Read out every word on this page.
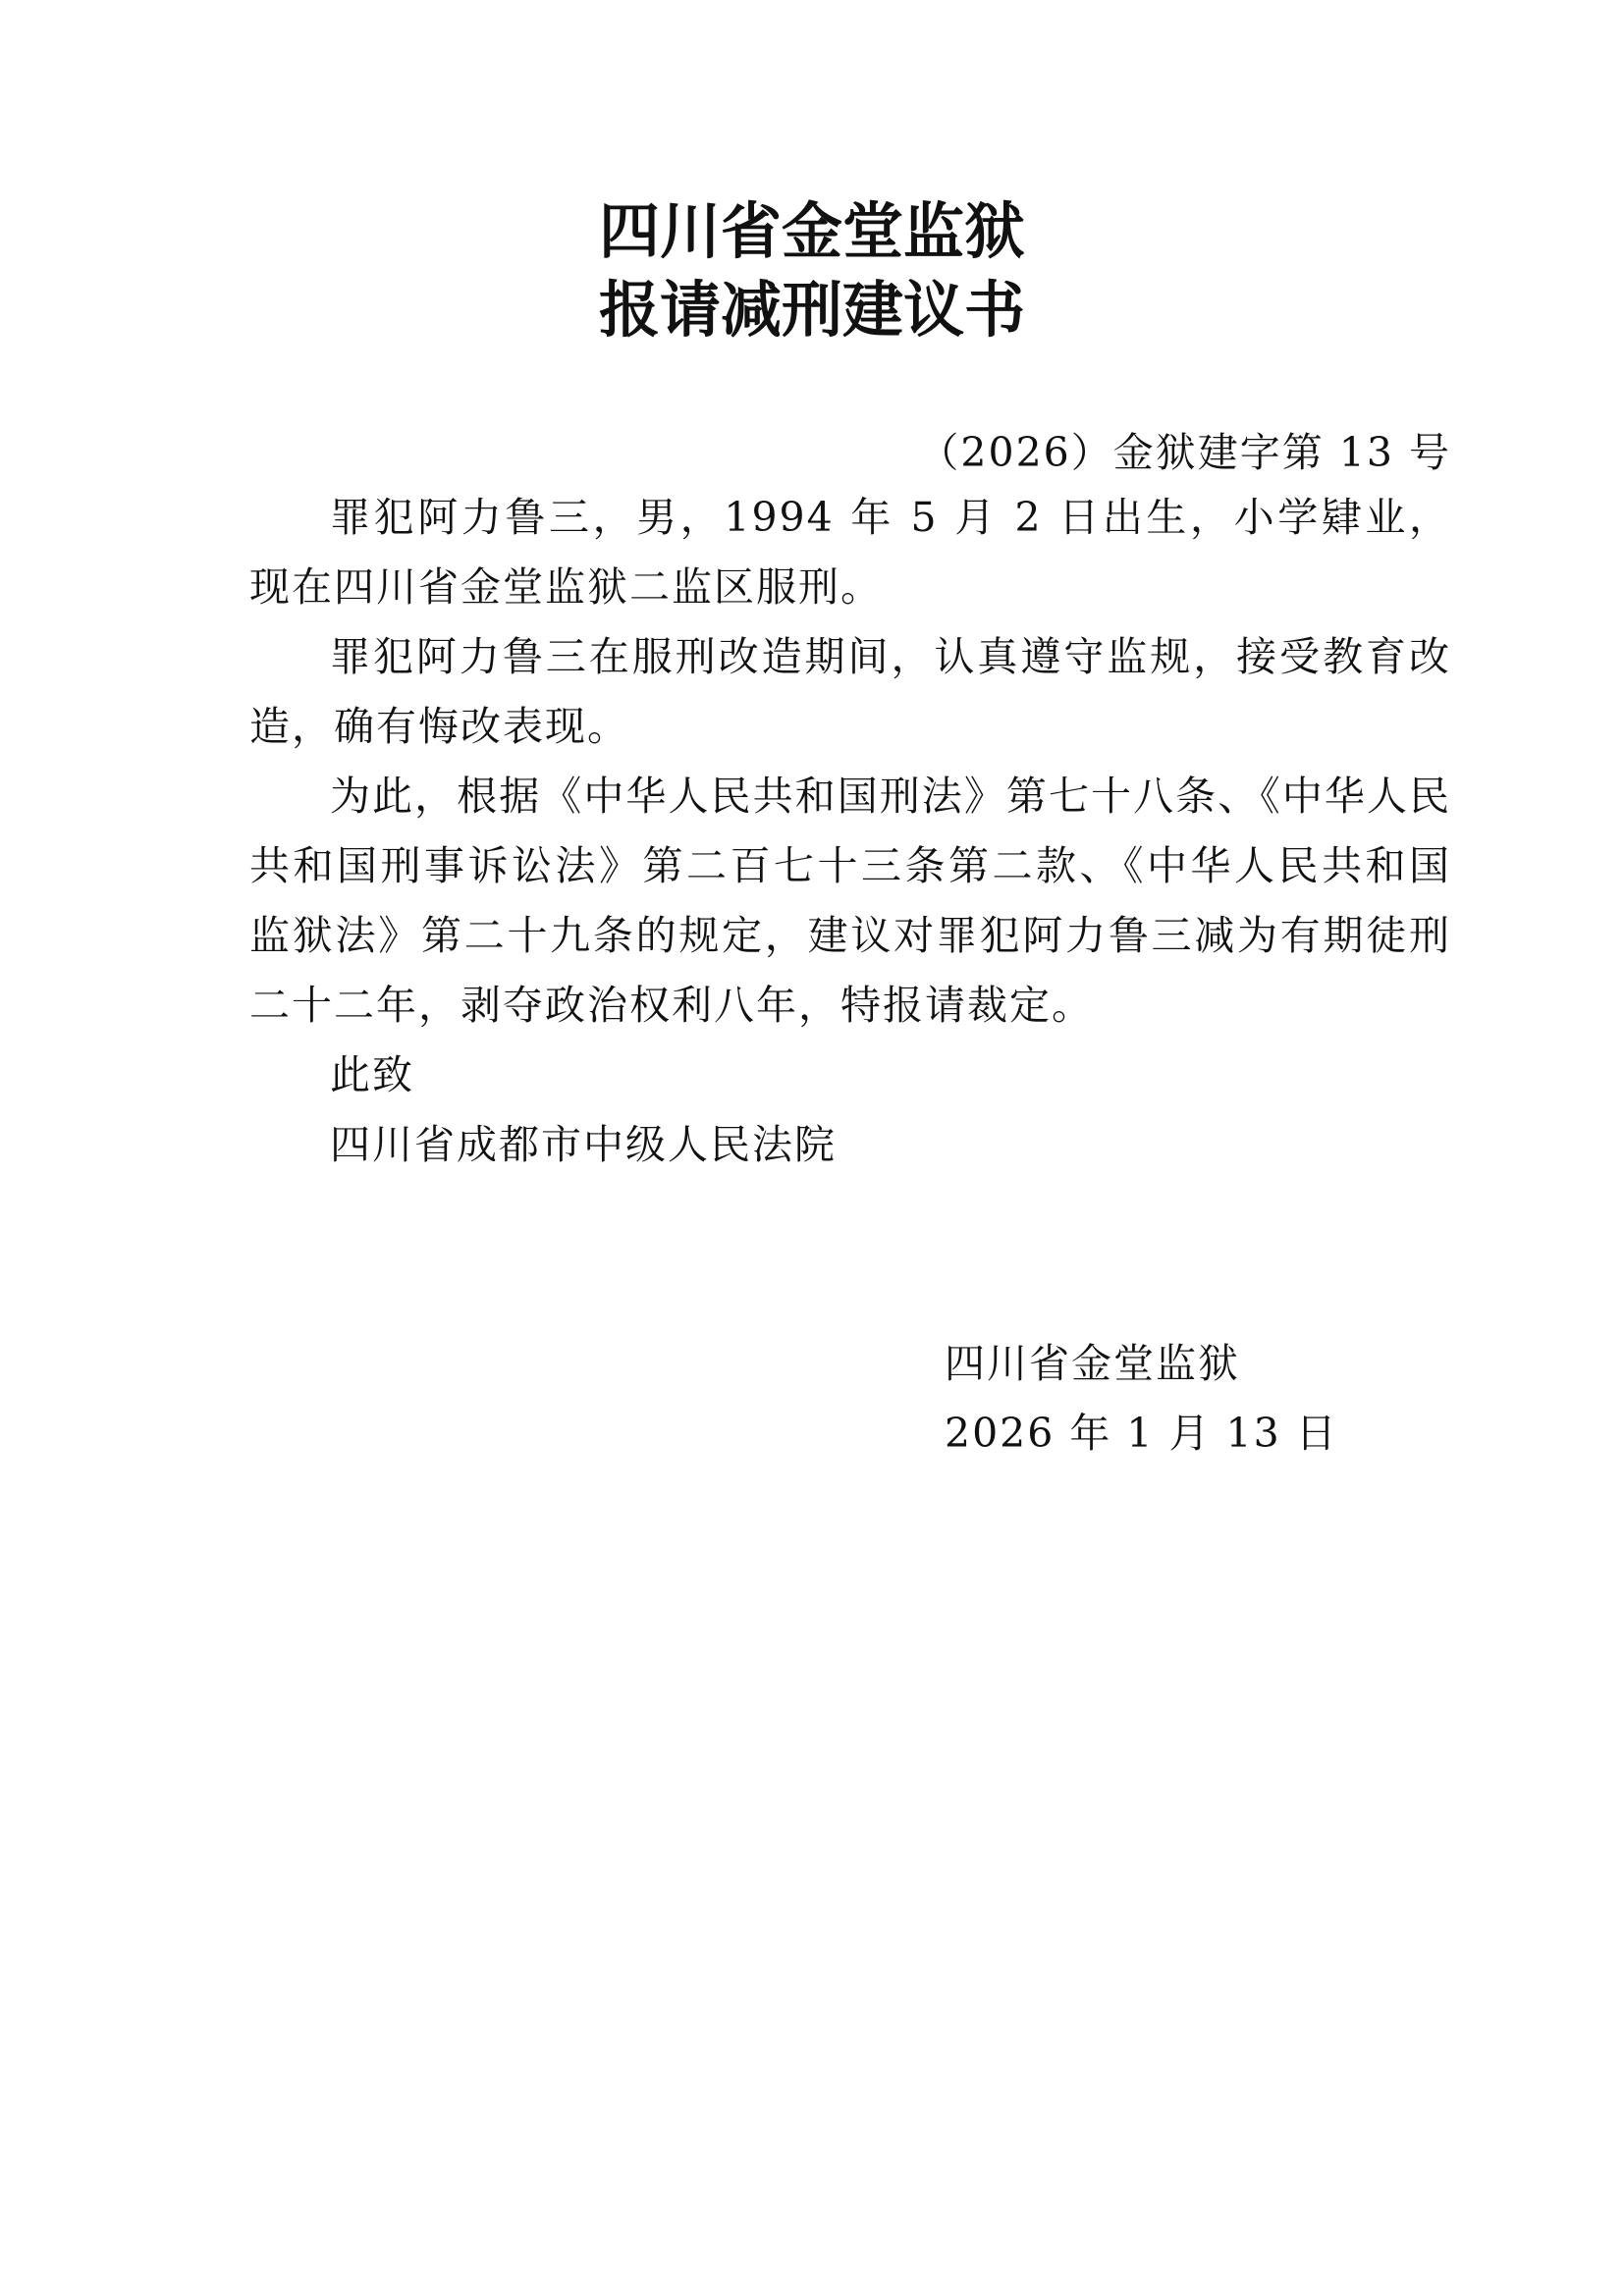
四川省金堂监狱
报请减刑建议书
（2026）金狱建字第 13 号

罪犯阿力鲁三，男，1994 年 5 月 2 日出生，小学肄业，现在四川省金堂监狱二监区服刑。

罪犯阿力鲁三在服刑改造期间，认真遵守监规，接受教育改造，确有悔改表现。

为此，根据《中华人民共和国刑法》第七十八条、《中华人民共和国刑事诉讼法》第二百七十三条第二款、《中华人民共和国监狱法》第二十九条的规定，建议对罪犯阿力鲁三减为有期徒刑二十二年，剥夺政治权利八年，特报请裁定。

此致

四川省成都市中级人民法院

四川省金堂监狱
2026 年 1 月 13 日
